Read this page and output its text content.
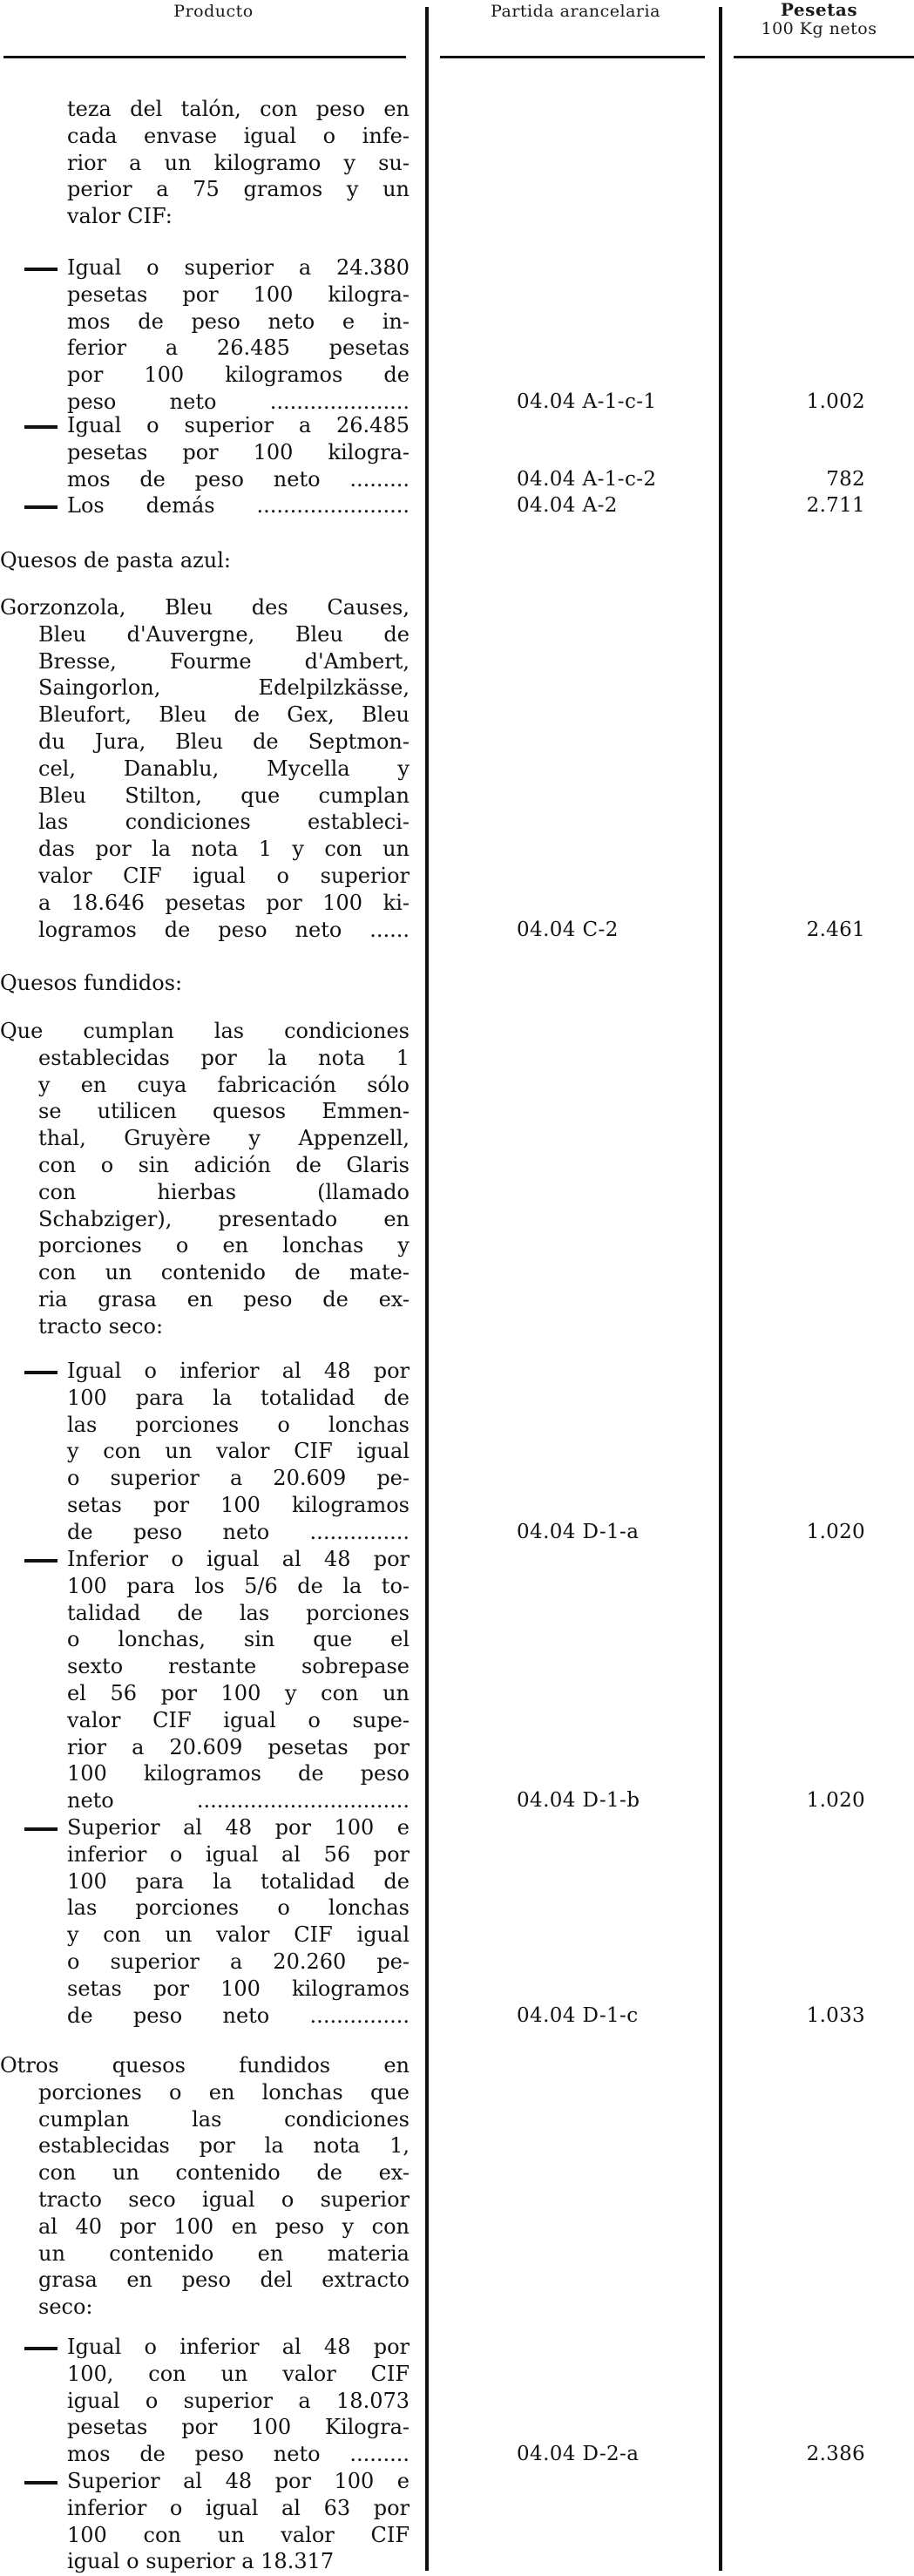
Producto	Partida arancelaria	Pesetas
100 Kg netos
teza del talón, con peso en
cada envase igual o infe-
rior a un kilogramo y su-
perior a 75 gramos y un
valor CIF:
Igual o superior a 24.380
pesetas por 100 kilogra-
mos de peso neto e in-
ferior a 26.485 pesetas
por 100 kilogramos de
peso neto .....................	04.04 A-1-c-1	1.002
Igual o superior a 26.485
pesetas por 100 kilogra-
mos de peso neto .........	04.04 A-1-c-2	782
Los demás .......................	04.04 A-2	2.711
Quesos de pasta azul:
Gorzonzola, Bleu des Causes,
Bleu d'Auvergne, Bleu de
Bresse, Fourme d'Ambert,
Saingorlon, Edelpilzkässe,
Bleufort, Bleu de Gex, Bleu
du Jura, Bleu de Septmon-
cel, Danablu, Mycella y
Bleu Stilton, que cumplan
las condiciones estableci-
das por la nota 1 y con un
valor CIF igual o superior
a 18.646 pesetas por 100 ki-
logramos de peso neto ......	04.04 C-2	2.461
Quesos fundidos:
Que cumplan las condiciones
establecidas por la nota 1
y en cuya fabricación sólo
se utilicen quesos Emmen-
thal, Gruyère y Appenzell,
con o sin adición de Glaris
con hierbas (llamado
Schabziger), presentado en
porciones o en lonchas y
con un contenido de mate-
ria grasa en peso de ex-
tracto seco:
Igual o inferior al 48 por
100 para la totalidad de
las porciones o lonchas
y con un valor CIF igual
o superior a 20.609 pe-
setas por 100 kilogramos
de peso neto ...............	04.04 D-1-a	1.020
Inferior o igual al 48 por
100 para los 5/6 de la to-
talidad de las porciones
o lonchas, sin que el
sexto restante sobrepase
el 56 por 100 y con un
valor CIF igual o supe-
rior a 20.609 pesetas por
100 kilogramos de peso
neto ................................	04.04 D-1-b	1.020
Superior al 48 por 100 e
inferior o igual al 56 por
100 para la totalidad de
las porciones o lonchas
y con un valor CIF igual
o superior a 20.260 pe-
setas por 100 kilogramos
de peso neto ...............	04.04 D-1-c	1.033
Otros quesos fundidos en
porciones o en lonchas que
cumplan las condiciones
establecidas por la nota 1,
con un contenido de ex-
tracto seco igual o superior
al 40 por 100 en peso y con
un contenido en materia
grasa en peso del extracto
seco:
Igual o inferior al 48 por
100, con un valor CIF
igual o superior a 18.073
pesetas por 100 Kilogra-
mos de peso neto .........	04.04 D-2-a	2.386
Superior al 48 por 100 e
inferior o igual al 63 por
100 con un valor CIF
igual o superior a 18.317
